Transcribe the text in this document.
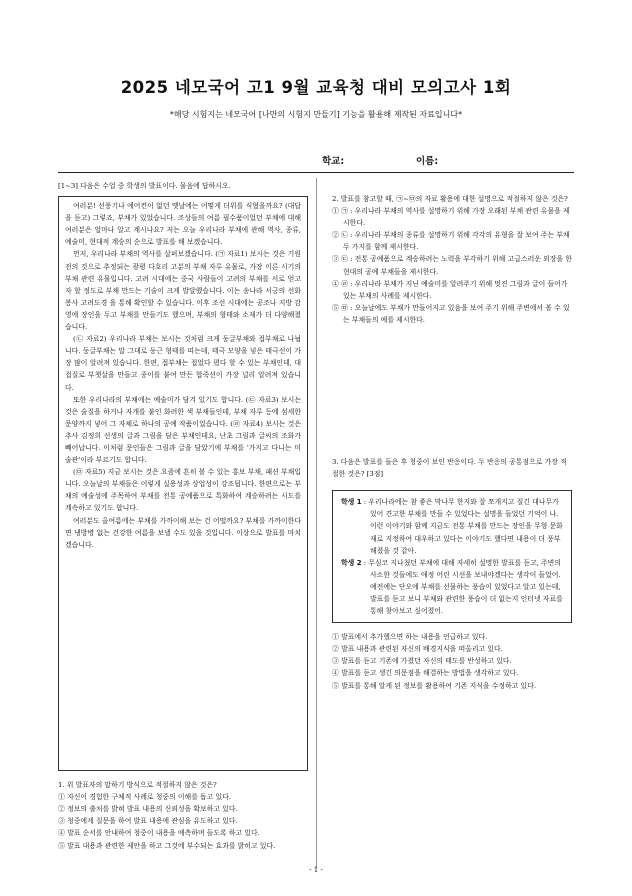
2025 네모국어 고1 9월 교육청 대비 모의고사 1회
*해당 시험지는 네모국어 [나만의 시험지 만들기] 기능을 활용해 제작된 자료입니다*
학교:	이름:
[1~3] 다음은 수업 중 학생의 발표이다. 물음에 답하시오.

여러분! 선풍기나 에어컨이 없던 옛날에는 어떻게 더위를 식혔을까요? (대답을 듣고) 그렇죠, 부채가 있었습니다. 조상들의 여름 필수품이었던 부채에 대해 여러분은 얼마나 알고 계시나요? 저는 오늘 우리나라 부채에 관해 역사, 종류, 예술미, 현대적 계승의 순으로 발표를 해 보겠습니다.

먼저, 우리나라 부채의 역사를 살펴보겠습니다. (㉠ 자료1) 보시는 것은 기원전의 것으로 추정되는 광평 다호리 고분의 부채 자루 유물로, 가장 이른 시기의 부채 관련 유물입니다. 고려 시대에는 중국 사람들이 고려의 부채를 서로 얻고자 할 정도로 부채 만드는 기술이 크게 발달했습니다. 이는 송나라 서긍의 선화봉사 고려도경 을 통해 확인할 수 있습니다. 이후 조선 시대에는 공조나 지방 감영에 장인을 두고 부채를 만들기도 했으며, 부채의 형태와 소재가 더 다양해졌습니다.

(㉡ 자료2) 우리나라 부채는 보시는 것처럼 크게 둥글부채와 접부채로 나뉩니다. 둥글부채는 말 그대로 둥근 형태를 띠는데, 태극 모양을 넣은 태극선이 가장 많이 알려져 있습니다. 한편, 접부채는 접었다 폈다 할 수 있는 부채인데, 대접질로 부챗살을 만들고 종이를 붙여 만든 합죽선이 가장 널리 알려져 있습니다.

또한 우리나라의 부채에는 예술미가 담겨 있기도 합니다. (㉢ 자료3) 보시는 것은 술질을 하거나 자개를 붙인 화려한 색 부채들인데, 부채 자루 등에 섬세한 문양까지 넣어 그 자체로 하나의 공예 작품이었습니다. (㉣ 자료4) 보시는 것은 추사 김정희 선생의 글과 그림을 담은 부채인데요, 난초 그림과 글씨의 조화가 빼어납니다. 이처럼 문인들은 그림과 글을 담았기에 부채를 '가지고 다니는 미술관'이라 부르기도 합니다.

(㉤ 자료5) 지금 보시는 것은 요즘에 흔히 볼 수 있는 홍보 부채, 패션 부채입니다. 오늘날의 부채들은 이렇게 실용성과 상업성이 강조됩니다. 한편으로는 부채의 예술성에 주목하여 부채를 전통 공예품으로 특화하여 계승하려는 시도를 계속하고 있기도 합니다.

여러분도 올여름에는 부채를 가까이해 보는 건 어떨까요? 부채를 가까이한다면 냉방병 없는 건강한 여름을 보낼 수도 있을 것입니다. 이상으로 발표를 마치겠습니다.

1. 위 발표자의 말하기 방식으로 적절하지 않은 것은?

① 자신이 경험한 구체적 사례로 청중의 이해를 돕고 있다.

② 정보의 출처를 밝혀 발표 내용의 신뢰성을 확보하고 있다.

③ 청중에게 질문을 하여 발표 내용에 관심을 유도하고 있다.

④ 발표 순서를 안내하여 청중이 내용을 예측하며 들도록 하고 있다.

⑤ 발표 내용과 관련한 제안을 하고 그것에 부수되는 효과를 밝히고 있다.

2. 발표를 참고할 때, ㉠~㉤의 자료 활용에 대한 설명으로 적절하지 않은 것은?

① ㉠ : 우리나라 부채의 역사를 설명하기 위해 가장 오래된 부채 관련 유물을 제시한다.

② ㉡ : 우리나라 부채의 종류를 설명하기 위해 각각의 유형을 잘 보여 주는 부채 두 가지를 함께 제시한다.

③ ㉢ : 전통 공예품으로 계승하려는 노력을 부각하기 위해 고급스러운 외장을 한 현대의 공예 부채들을 제시한다.

④ ㉣ : 우리나라 부채가 지닌 예술미를 알려주기 위해 멋진 그림과 글이 들어가 있는 부채의 사례를 제시한다.

⑤ ㉤ : 오늘날에도 부채가 만들어지고 있음을 보여 주기 위해 주변에서 볼 수 있는 부채들의 예를 제시한다.

3. 다음은 발표를 들은 후 청중이 보인 반응이다. 두 반응의 공통점으로 가장 적절한 것은? [3점]

학생 1 : 우리나라에는 참 좋은 막나무 한지와 잘 쪼개지고 질긴 대나무가 있어 견고한 부채를 만들 수 있었다는 설명을 들었던 기억이 나. 이런 이야기와 함께 지금도 전통 부채를 만드는 장인을 무형 문화재로 지정하여 대우하고 있다는 이야기도 했다면 내용이 더 풍부해졌을 것 같아.

학생 2 : 무심코 지나쳤던 부채에 대해 자세히 설명한 발표를 듣고, 주변의 사소한 것들에도 애정 어린 시선을 보내야겠다는 생각이 들었어. 예전에는 단오에 부채를 선물하는 풍습이 있었다고 알고 있는데, 발표를 듣고 보니 부채와 관련한 풍습이 더 없는지 인터넷 자료를 통해 찾아보고 싶어졌어.

① 발표에서 추가했으면 하는 내용을 언급하고 있다.

② 발표 내용과 관련된 자신의 배경지식을 떠올리고 있다.

③ 발표를 듣고 기존에 가졌던 자신의 태도를 반성하고 있다.

④ 발표를 듣고 생긴 의문점을 해결하는 방법을 생각하고 있다.

⑤ 발표를 통해 알게 된 정보를 활용하여 기존 지식을 수정하고 있다.

- 1 -
